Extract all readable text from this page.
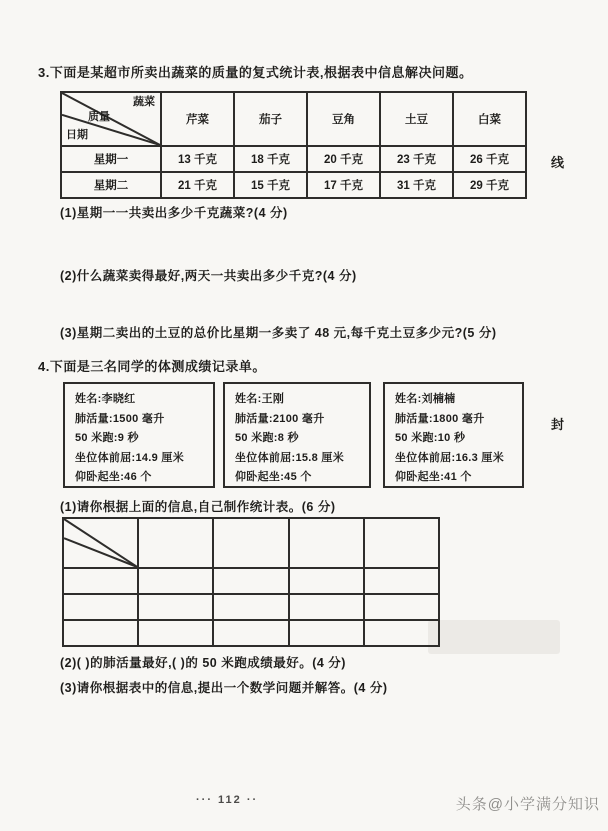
3.下面是某超市所卖出蔬菜的质量的复式统计表,根据表中信息解决问题。
蔬菜
质量
日期	芹菜	茄子	豆角	土豆	白菜
星期一	13 千克	18 千克	20 千克	23 千克	26 千克
星期二	21 千克	15 千克	17 千克	31 千克	29 千克
(1)星期一一共卖出多少千克蔬菜?(4 分)
(2)什么蔬菜卖得最好,两天一共卖出多少千克?(4 分)
(3)星期二卖出的土豆的总价比星期一多卖了 48 元,每千克土豆多少元?(5 分)
4.下面是三名同学的体测成绩记录单。
姓名:李晓红
肺活量:1500 毫升
50 米跑:9 秒
坐位体前屈:14.9 厘米
仰卧起坐:46 个
姓名:王刚
肺活量:2100 毫升
50 米跑:8 秒
坐位体前屈:15.8 厘米
仰卧起坐:45 个
姓名:刘楠楠
肺活量:1800 毫升
50 米跑:10 秒
坐位体前屈:16.3 厘米
仰卧起坐:41 个
(1)请你根据上面的信息,自己制作统计表。(6 分)

(2)( )的肺活量最好,( )的 50 米跑成绩最好。(4 分)
(3)请你根据表中的信息,提出一个数学问题并解答。(4 分)
线
封
··· 112 ··	头条@小学满分知识
